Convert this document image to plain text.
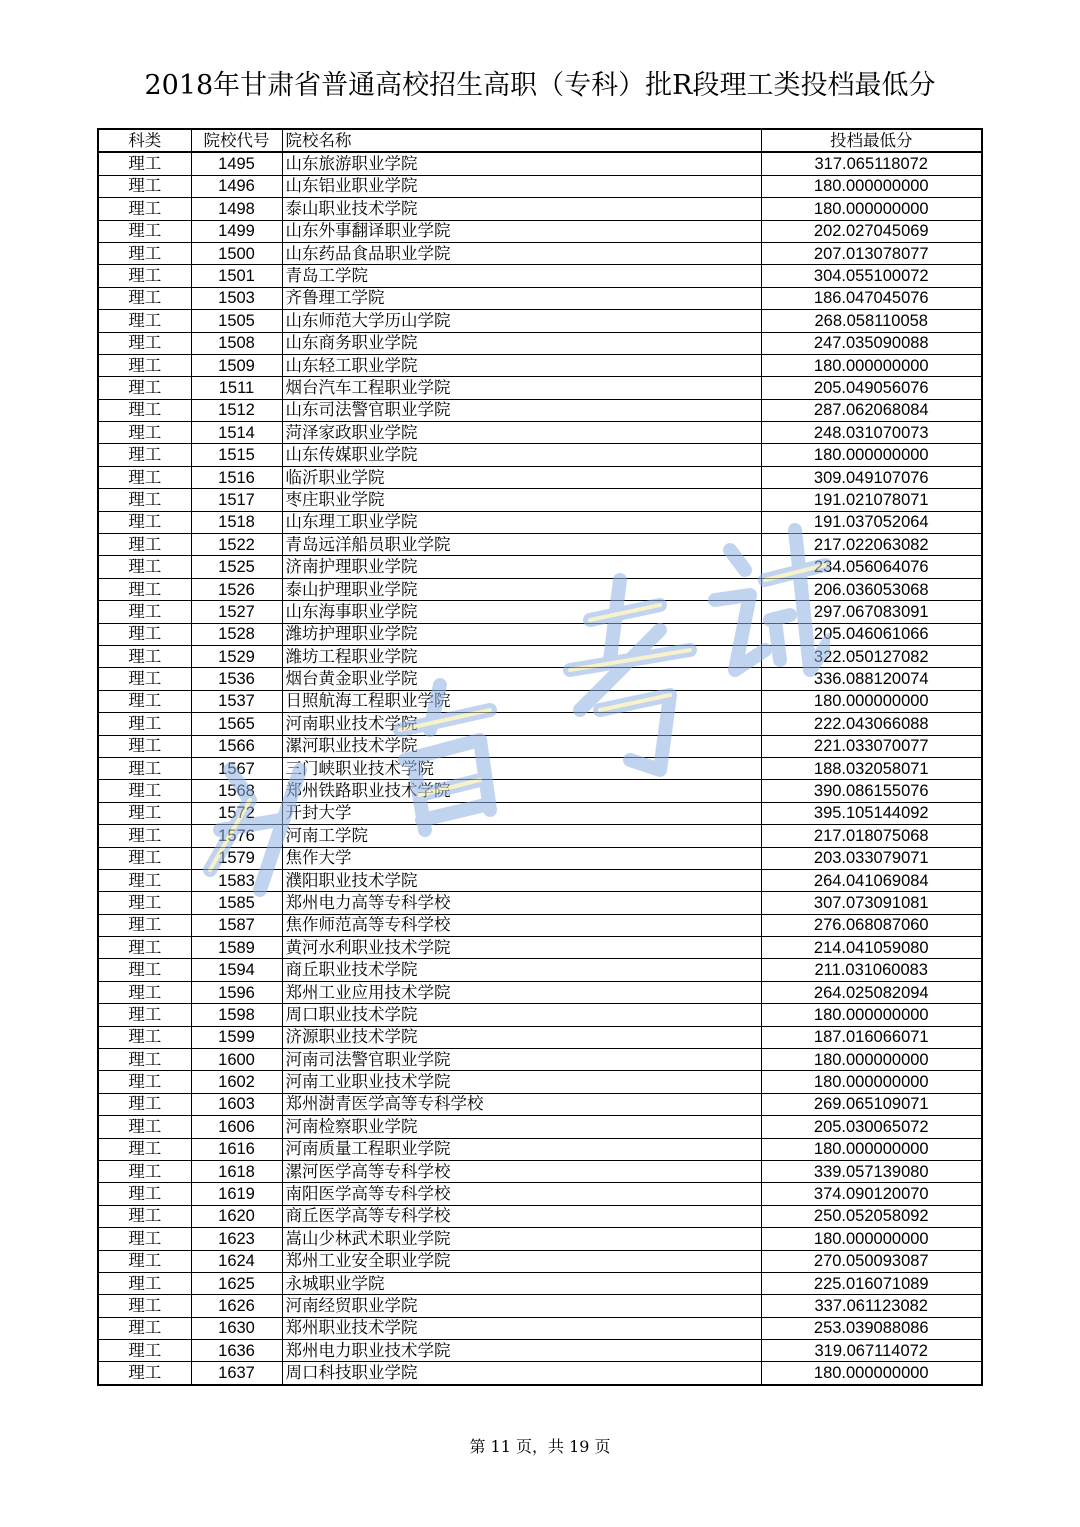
2018年甘肃省普通高校招生高职（专科）批R段理工类投档最低分
科类	院校代号	院校名称	投档最低分
理工	1495	山东旅游职业学院	317.065118072
理工	1496	山东铝业职业学院	180.000000000
理工	1498	泰山职业技术学院	180.000000000
理工	1499	山东外事翻译职业学院	202.027045069
理工	1500	山东药品食品职业学院	207.013078077
理工	1501	青岛工学院	304.055100072
理工	1503	齐鲁理工学院	186.047045076
理工	1505	山东师范大学历山学院	268.058110058
理工	1508	山东商务职业学院	247.035090088
理工	1509	山东轻工职业学院	180.000000000
理工	1511	烟台汽车工程职业学院	205.049056076
理工	1512	山东司法警官职业学院	287.062068084
理工	1514	菏泽家政职业学院	248.031070073
理工	1515	山东传媒职业学院	180.000000000
理工	1516	临沂职业学院	309.049107076
理工	1517	枣庄职业学院	191.021078071
理工	1518	山东理工职业学院	191.037052064
理工	1522	青岛远洋船员职业学院	217.022063082
理工	1525	济南护理职业学院	234.056064076
理工	1526	泰山护理职业学院	206.036053068
理工	1527	山东海事职业学院	297.067083091
理工	1528	潍坊护理职业学院	205.046061066
理工	1529	潍坊工程职业学院	322.050127082
理工	1536	烟台黄金职业学院	336.088120074
理工	1537	日照航海工程职业学院	180.000000000
理工	1565	河南职业技术学院	222.043066088
理工	1566	漯河职业技术学院	221.033070077
理工	1567	三门峡职业技术学院	188.032058071
理工	1568	郑州铁路职业技术学院	390.086155076
理工	1572	开封大学	395.105144092
理工	1576	河南工学院	217.018075068
理工	1579	焦作大学	203.033079071
理工	1583	濮阳职业技术学院	264.041069084
理工	1585	郑州电力高等专科学校	307.073091081
理工	1587	焦作师范高等专科学校	276.068087060
理工	1589	黄河水利职业技术学院	214.041059080
理工	1594	商丘职业技术学院	211.031060083
理工	1596	郑州工业应用技术学院	264.025082094
理工	1598	周口职业技术学院	180.000000000
理工	1599	济源职业技术学院	187.016066071
理工	1600	河南司法警官职业学院	180.000000000
理工	1602	河南工业职业技术学院	180.000000000
理工	1603	郑州澍青医学高等专科学校	269.065109071
理工	1606	河南检察职业学院	205.030065072
理工	1616	河南质量工程职业学院	180.000000000
理工	1618	漯河医学高等专科学校	339.057139080
理工	1619	南阳医学高等专科学校	374.090120070
理工	1620	商丘医学高等专科学校	250.052058092
理工	1623	嵩山少林武术职业学院	180.000000000
理工	1624	郑州工业安全职业学院	270.050093087
理工	1625	永城职业学院	225.016071089
理工	1626	河南经贸职业学院	337.061123082
理工	1630	郑州职业技术学院	253.039088086
理工	1636	郑州电力职业技术学院	319.067114072
理工	1637	周口科技职业学院	180.000000000
第 11 页，共 19 页
